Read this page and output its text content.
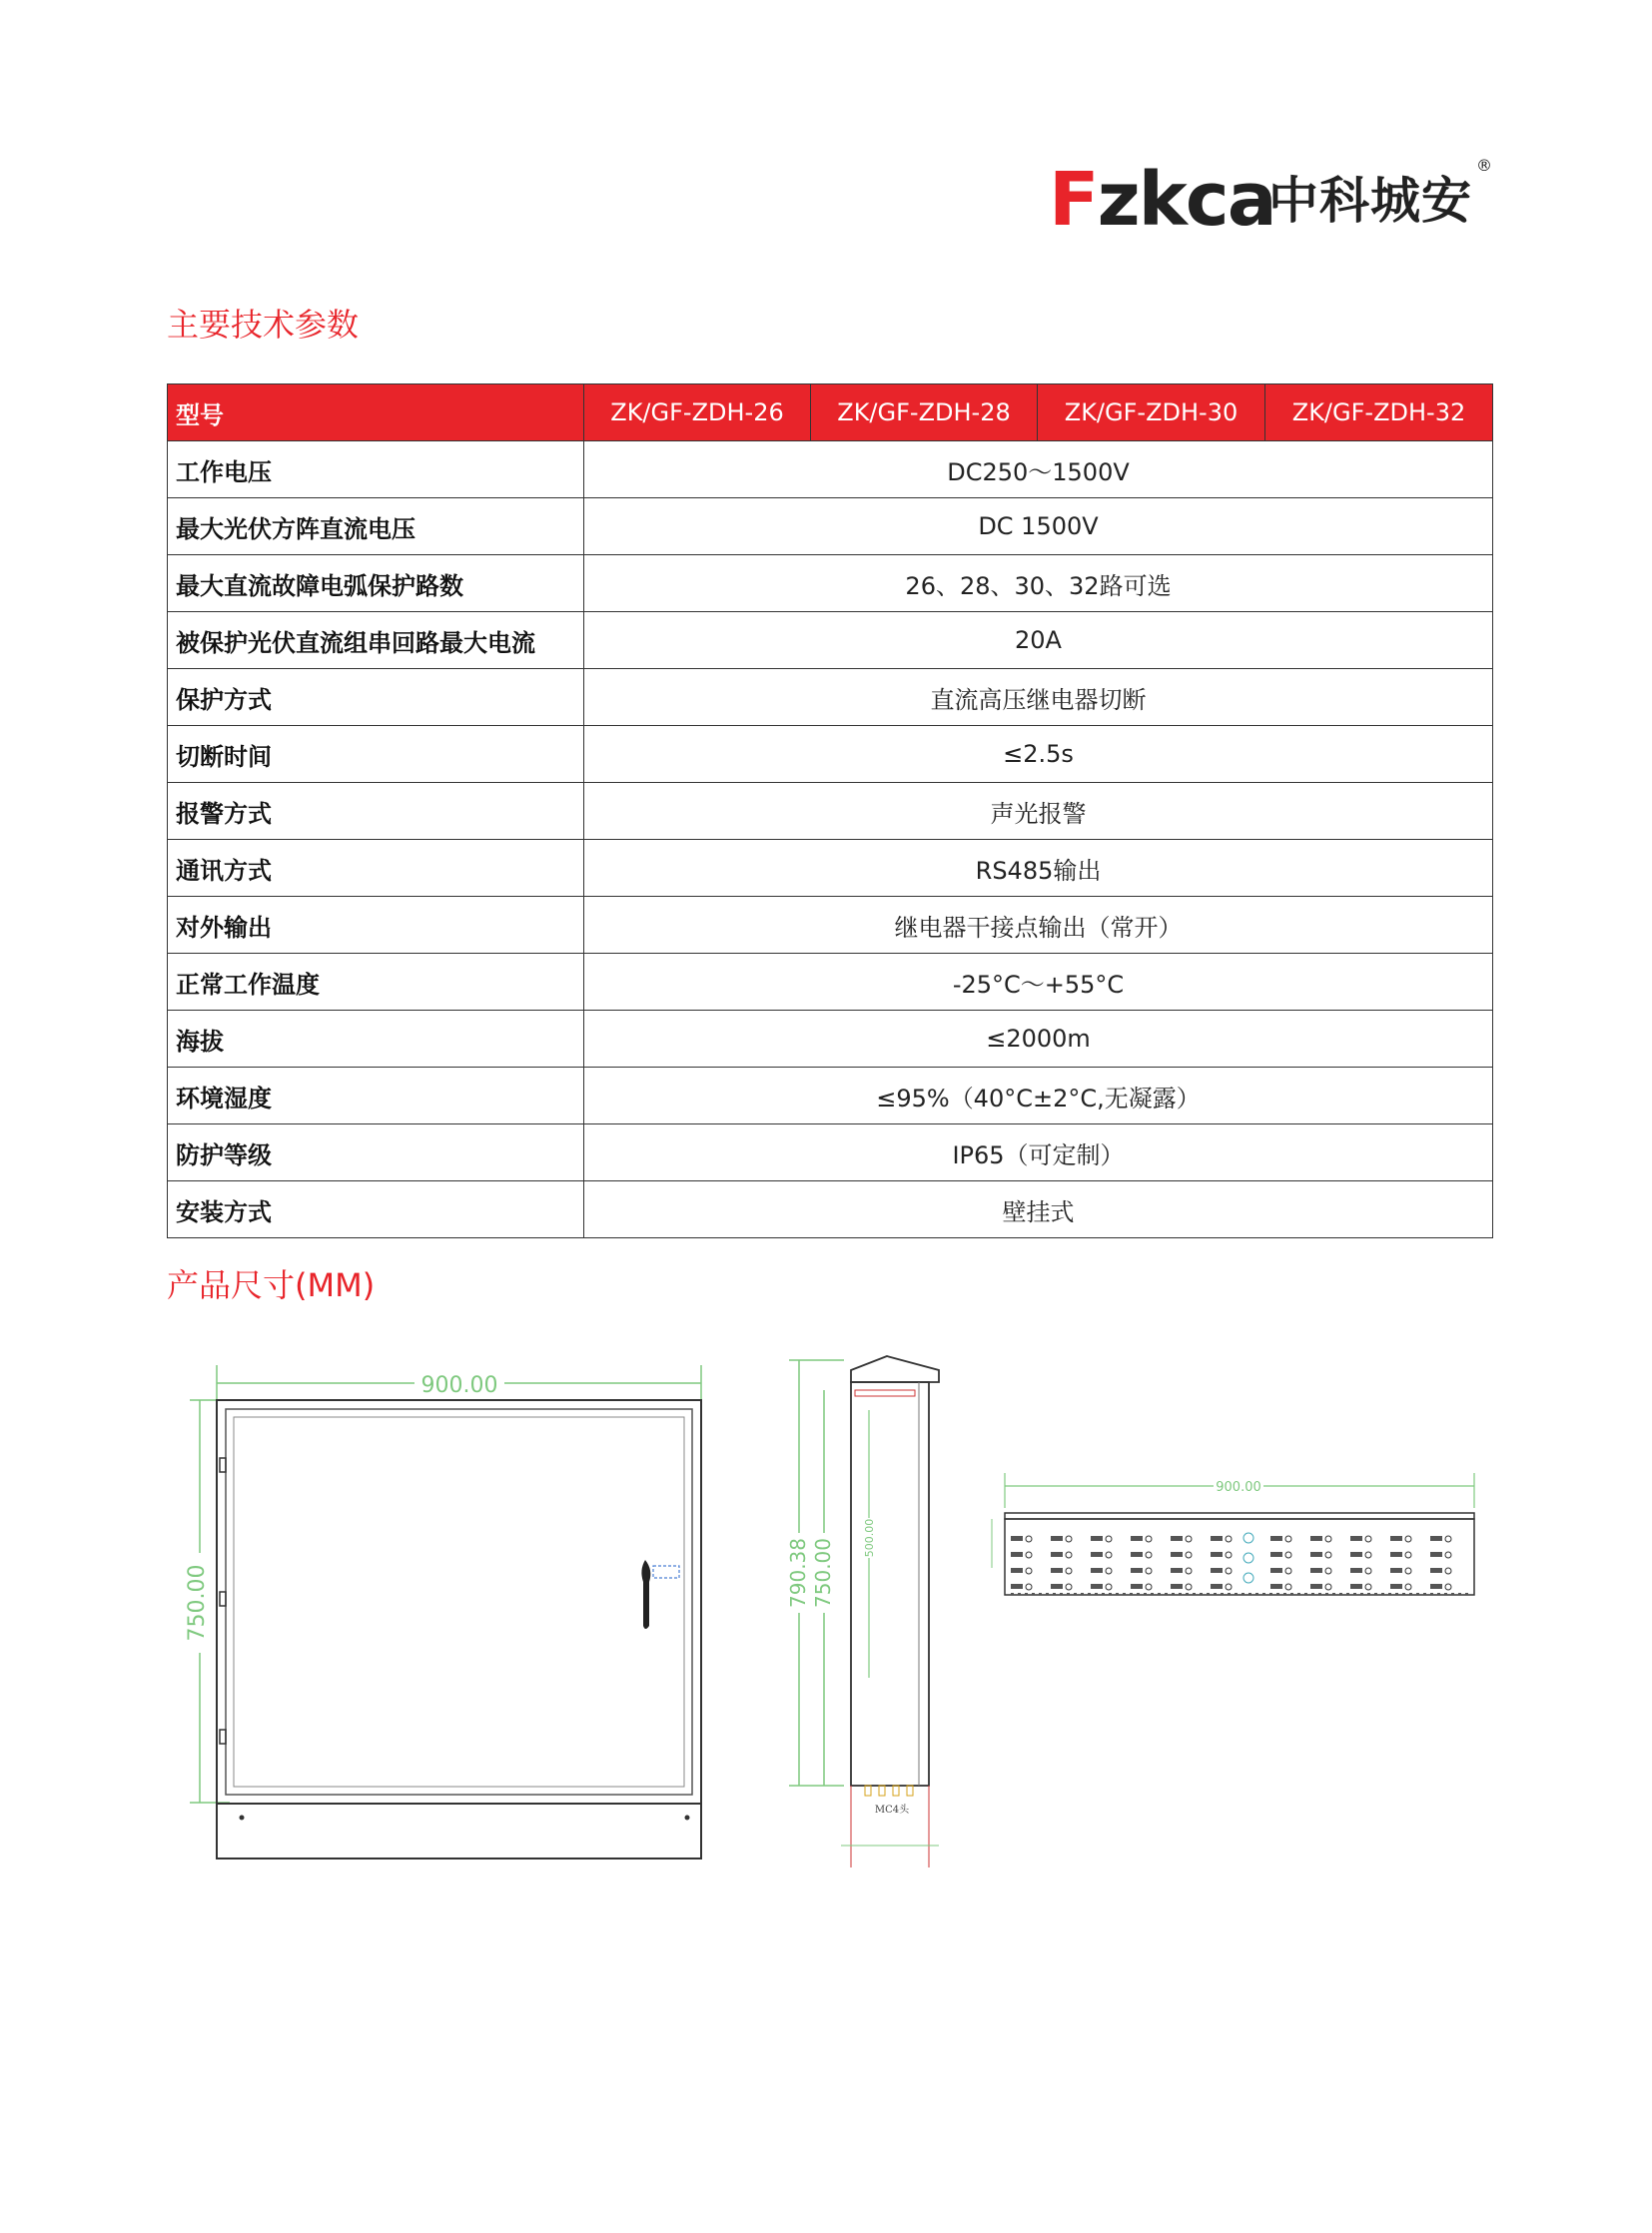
Fzkca
中科城安
®
主要技术参数
型号	ZK/GF-ZDH-26	ZK/GF-ZDH-28	ZK/GF-ZDH-30	ZK/GF-ZDH-32
工作电压	DC250～1500V			
最大光伏方阵直流电压	DC 1500V			
最大直流故障电弧保护路数	26、28、30、32路可选			
被保护光伏直流组串回路最大电流	20A			
保护方式	直流高压继电器切断			
切断时间	≤2.5s			
报警方式	声光报警			
通讯方式	RS485输出			
对外输出	继电器干接点输出（常开）			
正常工作温度	-25°C～+55°C			
海拔	≤2000m			
环境湿度	≤95%（40°C±2°C,无凝露）			
防护等级	IP65（可定制）			
安装方式	壁挂式			
产品尺寸(MM)
900.00
750.00	790.38 750.00
500.00
MC4头
900.00
